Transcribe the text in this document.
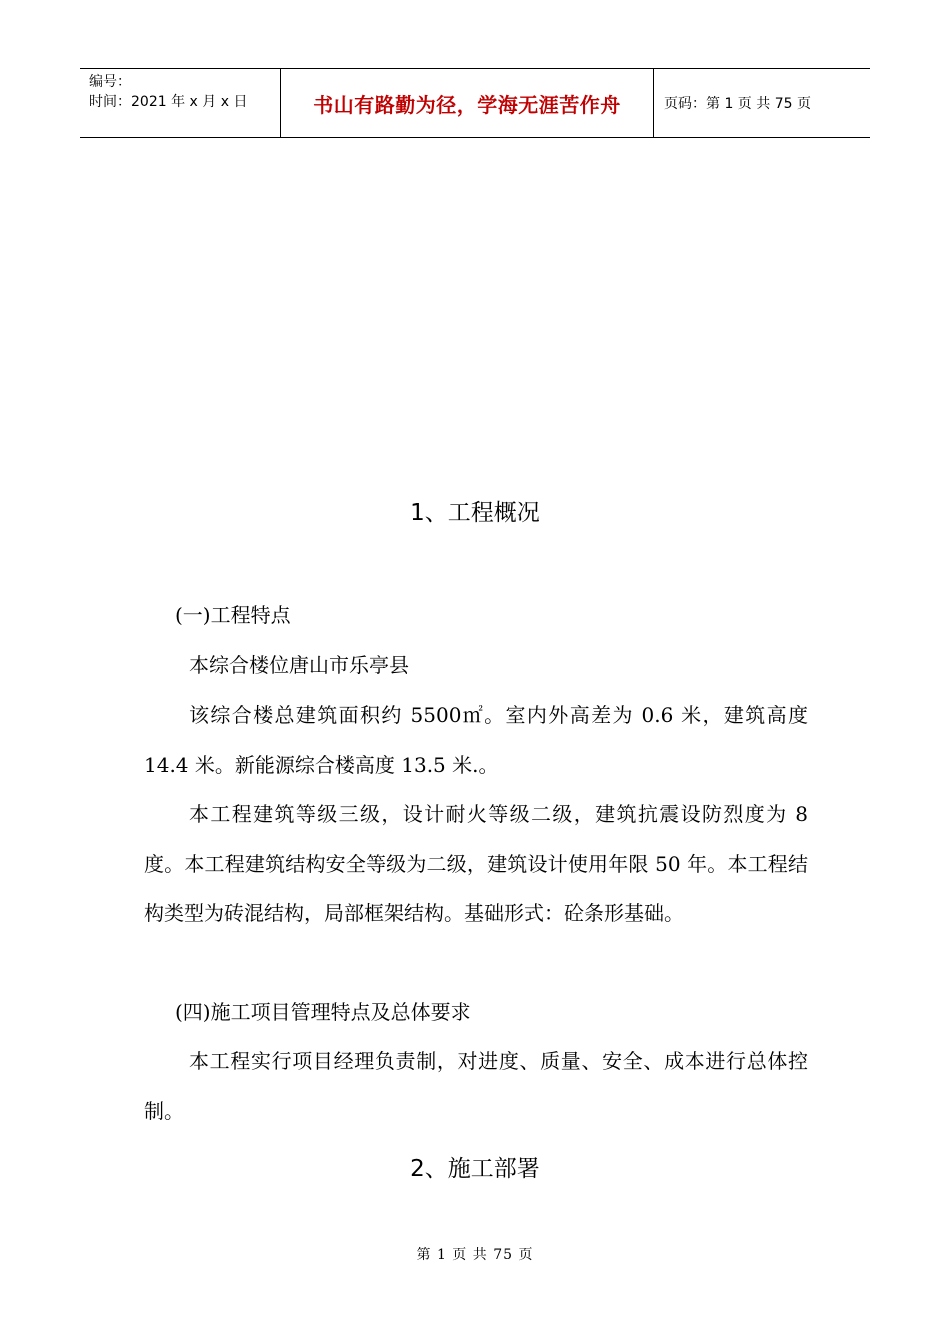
编号：
时间：2021 年 x 月 x 日	书山有路勤为径，学海无涯苦作舟	页码：第 1 页 共 75 页
1、工程概况
(一)工程特点
本综合楼位唐山市乐亭县
该综合楼总建筑面积约 5500㎡。室内外高差为 0.6 米，建筑高度 14.4 米。新能源综合楼高度 13.5 米.。
本工程建筑等级三级，设计耐火等级二级，建筑抗震设防烈度为 8 度。本工程建筑结构安全等级为二级，建筑设计使用年限 50 年。本工程结构类型为砖混结构，局部框架结构。基础形式：砼条形基础。
(四)施工项目管理特点及总体要求
本工程实行项目经理负责制，对进度、质量、安全、成本进行总体控制。
2、施工部署
第 1 页 共 75 页
